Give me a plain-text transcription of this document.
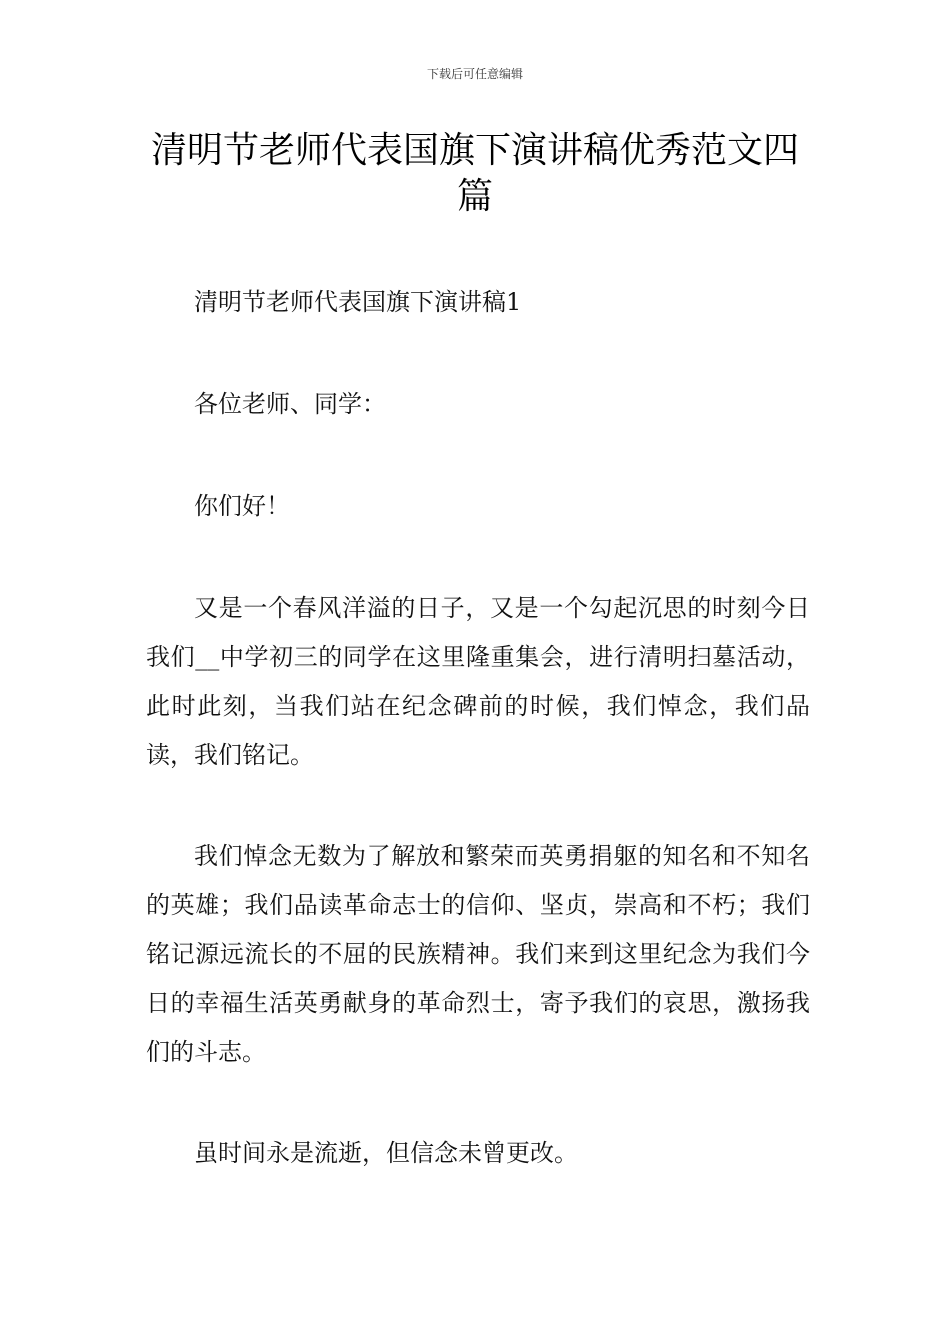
下载后可任意编辑
清明节老师代表国旗下演讲稿优秀范文四篇

清明节老师代表国旗下演讲稿1

各位老师、同学：

你们好！

又是一个春风洋溢的日子，又是一个勾起沉思的时刻今日我们__中学初三的同学在这里隆重集会，进行清明扫墓活动，此时此刻，当我们站在纪念碑前的时候，我们悼念，我们品读，我们铭记。

我们悼念无数为了解放和繁荣而英勇捐躯的知名和不知名的英雄；我们品读革命志士的信仰、坚贞，崇高和不朽；我们铭记源远流长的不屈的民族精神。我们来到这里纪念为我们今日的幸福生活英勇献身的革命烈士，寄予我们的哀思，激扬我们的斗志。

虽时间永是流逝，但信念未曾更改。
